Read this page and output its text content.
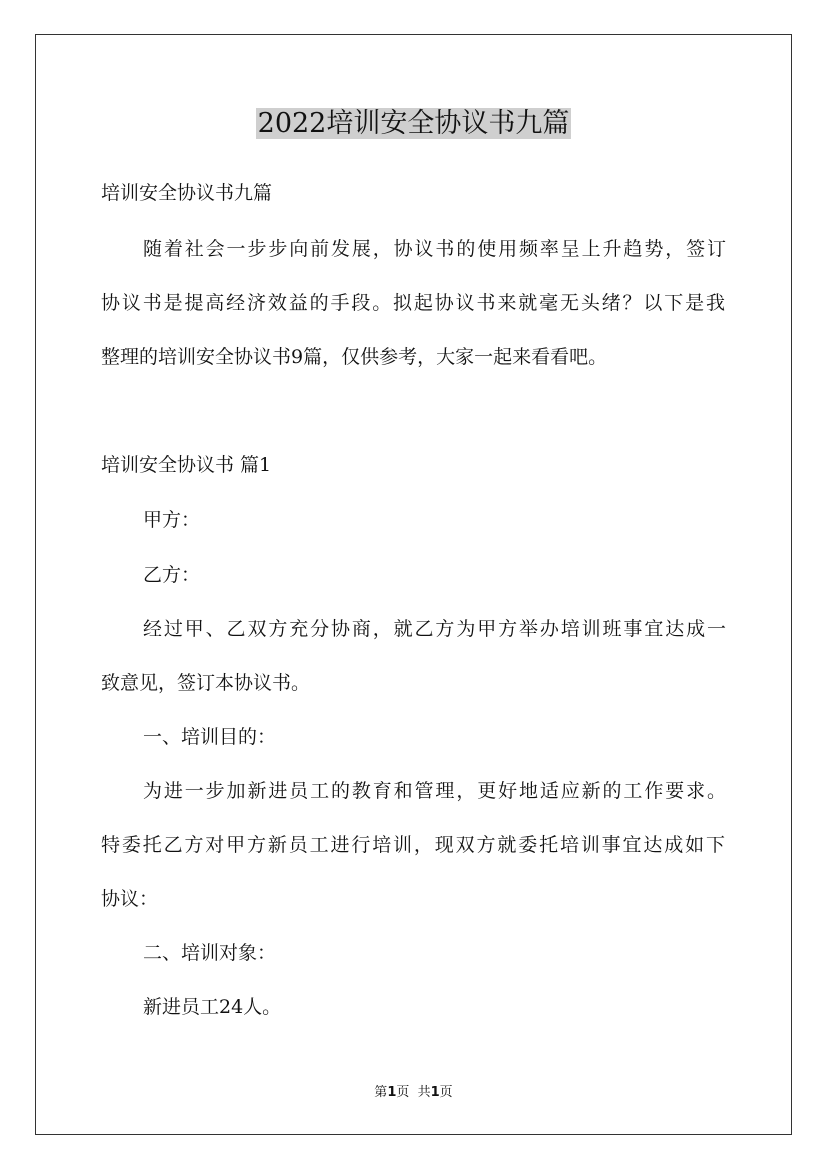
2022培训安全协议书九篇

培训安全协议书九篇

随着社会一步步向前发展，协议书的使用频率呈上升趋势，签订

协议书是提高经济效益的手段。拟起协议书来就毫无头绪？以下是我

整理的培训安全协议书9篇，仅供参考，大家一起来看看吧。

培训安全协议书 篇1

甲方：

乙方：

经过甲、乙双方充分协商，就乙方为甲方举办培训班事宜达成一

致意见，签订本协议书。

一、培训目的：

为进一步加新进员工的教育和管理，更好地适应新的工作要求。

特委托乙方对甲方新员工进行培训，现双方就委托培训事宜达成如下

协议：

二、培训对象：

新进员工24人。

第1页  共1页
